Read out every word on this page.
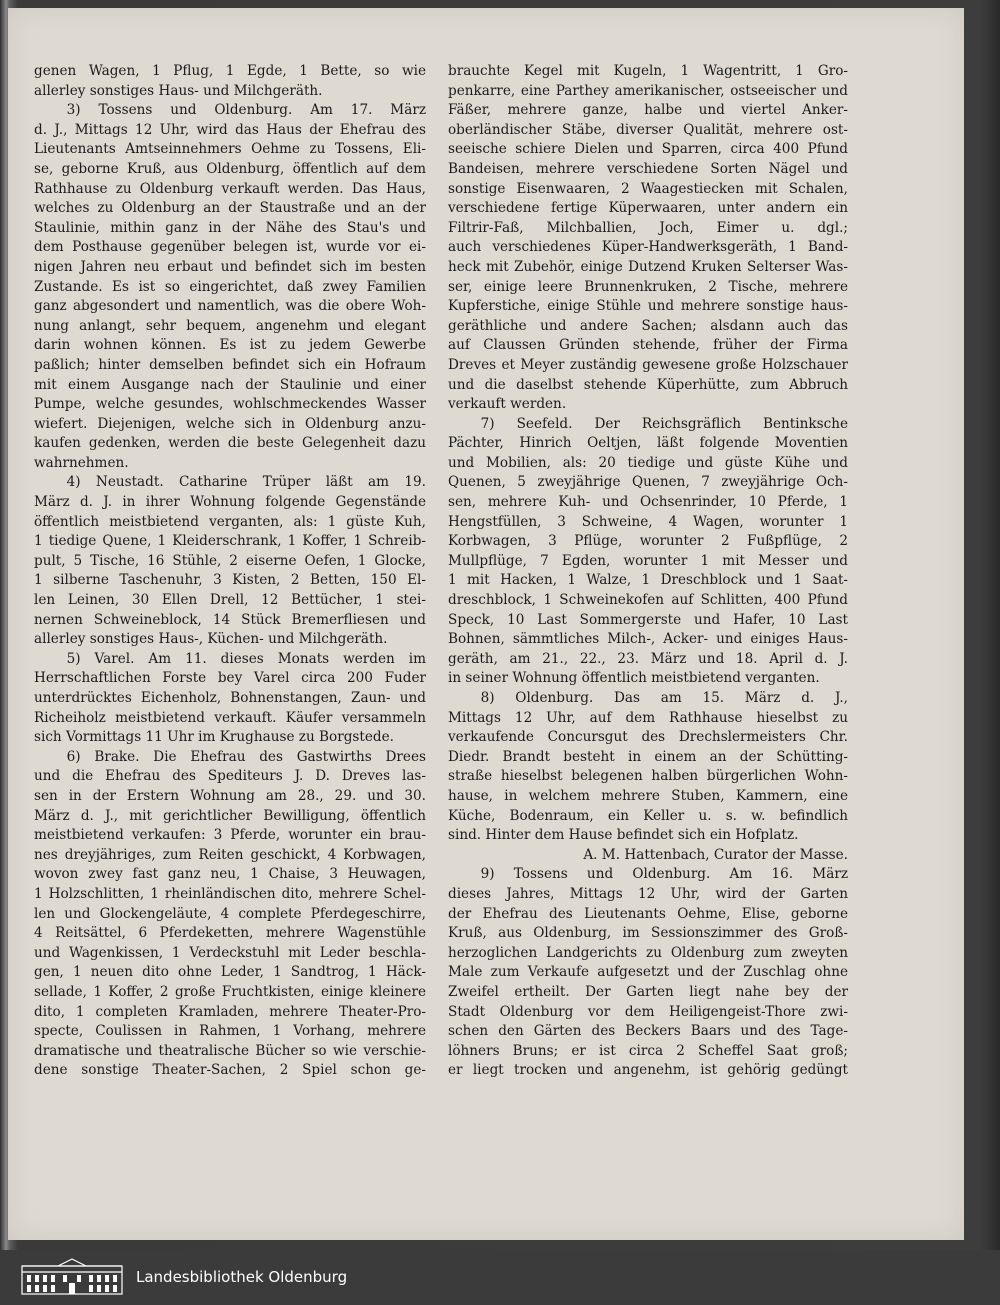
genen Wagen, 1 Pflug, 1 Egde, 1 Bette, so wie
allerley sonstiges Haus- und Milchgeräth.
3) Tossens und Oldenburg. Am 17. März
d. J., Mittags 12 Uhr, wird das Haus der Ehefrau des
Lieutenants Amtseinnehmers Oehme zu Tossens, Eli-
se, geborne Kruß, aus Oldenburg, öffentlich auf dem
Rathhause zu Oldenburg verkauft werden. Das Haus,
welches zu Oldenburg an der Staustraße und an der
Staulinie, mithin ganz in der Nähe des Stau's und
dem Posthause gegenüber belegen ist, wurde vor ei-
nigen Jahren neu erbaut und befindet sich im besten
Zustande. Es ist so eingerichtet, daß zwey Familien
ganz abgesondert und namentlich, was die obere Woh-
nung anlangt, sehr bequem, angenehm und elegant
darin wohnen können. Es ist zu jedem Gewerbe
paßlich; hinter demselben befindet sich ein Hofraum
mit einem Ausgange nach der Staulinie und einer
Pumpe, welche gesundes, wohlschmeckendes Wasser
wiefert. Diejenigen, welche sich in Oldenburg anzu-
kaufen gedenken, werden die beste Gelegenheit dazu
wahrnehmen.
4) Neustadt. Catharine Trüper läßt am 19.
März d. J. in ihrer Wohnung folgende Gegenstände
öffentlich meistbietend verganten, als: 1 güste Kuh,
1 tiedige Quene, 1 Kleiderschrank, 1 Koffer, 1 Schreib-
pult, 5 Tische, 16 Stühle, 2 eiserne Oefen, 1 Glocke,
1 silberne Taschenuhr, 3 Kisten, 2 Betten, 150 El-
len Leinen, 30 Ellen Drell, 12 Bettücher, 1 stei-
nernen Schweineblock, 14 Stück Bremerfliesen und
allerley sonstiges Haus-, Küchen- und Milchgeräth.
5) Varel. Am 11. dieses Monats werden im
Herrschaftlichen Forste bey Varel circa 200 Fuder
unterdrücktes Eichenholz, Bohnenstangen, Zaun- und
Richeiholz meistbietend verkauft. Käufer versammeln
sich Vormittags 11 Uhr im Krughause zu Borgstede.
6) Brake. Die Ehefrau des Gastwirths Drees
und die Ehefrau des Spediteurs J. D. Dreves las-
sen in der Erstern Wohnung am 28., 29. und 30.
März d. J., mit gerichtlicher Bewilligung, öffentlich
meistbietend verkaufen: 3 Pferde, worunter ein brau-
nes dreyjähriges, zum Reiten geschickt, 4 Korbwagen,
wovon zwey fast ganz neu, 1 Chaise, 3 Heuwagen,
1 Holzschlitten, 1 rheinländischen dito, mehrere Schel-
len und Glockengeläute, 4 complete Pferdegeschirre,
4 Reitsättel, 6 Pferdeketten, mehrere Wagenstühle
und Wagenkissen, 1 Verdeckstuhl mit Leder beschla-
gen, 1 neuen dito ohne Leder, 1 Sandtrog, 1 Häck-
sellade, 1 Koffer, 2 große Fruchtkisten, einige kleinere
dito, 1 completen Kramladen, mehrere Theater-Pro-
specte, Coulissen in Rahmen, 1 Vorhang, mehrere
dramatische und theatralische Bücher so wie verschie-
dene sonstige Theater-Sachen, 2 Spiel schon ge-
brauchte Kegel mit Kugeln, 1 Wagentritt, 1 Gro-
penkarre, eine Parthey amerikanischer, ostseeischer und
Fäßer, mehrere ganze, halbe und viertel Anker-
oberländischer Stäbe, diverser Qualität, mehrere ost-
seeische schiere Dielen und Sparren, circa 400 Pfund
Bandeisen, mehrere verschiedene Sorten Nägel und
sonstige Eisenwaaren, 2 Waagestiecken mit Schalen,
verschiedene fertige Küperwaaren, unter andern ein
Filtrir-Faß, Milchballien, Joch, Eimer u. dgl.;
auch verschiedenes Küper-Handwerksgeräth, 1 Band-
heck mit Zubehör, einige Dutzend Kruken Selterser Was-
ser, einige leere Brunnenkruken, 2 Tische, mehrere
Kupferstiche, einige Stühle und mehrere sonstige haus-
geräthliche und andere Sachen; alsdann auch das
auf Claussen Gründen stehende, früher der Firma
Dreves et Meyer zuständig gewesene große Holzschauer
und die daselbst stehende Küperhütte, zum Abbruch
verkauft werden.
7) Seefeld. Der Reichsgräflich Bentinksche
Pächter, Hinrich Oeltjen, läßt folgende Moventien
und Mobilien, als: 20 tiedige und güste Kühe und
Quenen, 5 zweyjährige Quenen, 7 zweyjährige Och-
sen, mehrere Kuh- und Ochsenrinder, 10 Pferde, 1
Hengstfüllen, 3 Schweine, 4 Wagen, worunter 1
Korbwagen, 3 Pflüge, worunter 2 Fußpflüge, 2
Mullpflüge, 7 Egden, worunter 1 mit Messer und
1 mit Hacken, 1 Walze, 1 Dreschblock und 1 Saat-
dreschblock, 1 Schweinekofen auf Schlitten, 400 Pfund
Speck, 10 Last Sommergerste und Hafer, 10 Last
Bohnen, sämmtliches Milch-, Acker- und einiges Haus-
geräth, am 21., 22., 23. März und 18. April d. J.
in seiner Wohnung öffentlich meistbietend verganten.
8) Oldenburg. Das am 15. März d. J.,
Mittags 12 Uhr, auf dem Rathhause hieselbst zu
verkaufende Concursgut des Drechslermeisters Chr.
Diedr. Brandt besteht in einem an der Schütting-
straße hieselbst belegenen halben bürgerlichen Wohn-
hause, in welchem mehrere Stuben, Kammern, eine
Küche, Bodenraum, ein Keller u. s. w. befindlich
sind. Hinter dem Hause befindet sich ein Hofplatz.
A. M. Hattenbach, Curator der Masse.
9) Tossens und Oldenburg. Am 16. März
dieses Jahres, Mittags 12 Uhr, wird der Garten
der Ehefrau des Lieutenants Oehme, Elise, geborne
Kruß, aus Oldenburg, im Sessionszimmer des Groß-
herzoglichen Landgerichts zu Oldenburg zum zweyten
Male zum Verkaufe aufgesetzt und der Zuschlag ohne
Zweifel ertheilt. Der Garten liegt nahe bey der
Stadt Oldenburg vor dem Heiligengeist-Thore zwi-
schen den Gärten des Beckers Baars und des Tage-
löhners Bruns; er ist circa 2 Scheffel Saat groß;
er liegt trocken und angenehm, ist gehörig gedüngt
Landesbibliothek Oldenburg
